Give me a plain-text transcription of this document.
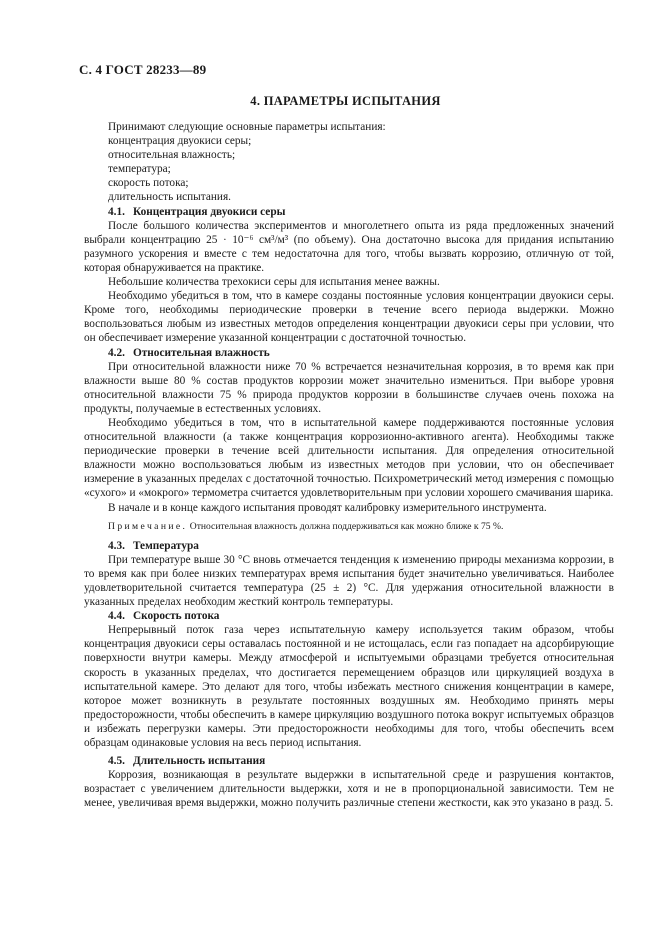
С. 4 ГОСТ 28233—89
4. ПАРАМЕТРЫ ИСПЫТАНИЯ

Принимают следующие основные параметры испытания:

концентрация двуокиси серы;

относительная влажность;

температура;

скорость потока;

длительность испытания.

4.1. Концентрация двуокиси серы

После большого количества экспериментов и многолетнего опыта из ряда предложенных значений выбрали концентрацию 25 · 10⁻⁶ см³/м³ (по объему). Она достаточно высока для придания испытанию разумного ускорения и вместе с тем недостаточна для того, чтобы вызвать коррозию, отличную от той, которая обнаруживается на практике.

Небольшие количества трехокиси серы для испытания менее важны.

Необходимо убедиться в том, что в камере созданы постоянные условия концентрации двуокиси серы. Кроме того, необходимы периодические проверки в течение всего периода выдержки. Можно воспользоваться любым из известных методов определения концентрации двуокиси серы при условии, что он обеспечивает измерение указанной концентрации с достаточной точностью.

4.2. Относительная влажность

При относительной влажности ниже 70 % встречается незначительная коррозия, в то время как при влажности выше 80 % состав продуктов коррозии может значительно измениться. При выборе уровня относительной влажности 75 % природа продуктов коррозии в большинстве случаев очень похожа на продукты, получаемые в естественных условиях.

Необходимо убедиться в том, что в испытательной камере поддерживаются постоянные условия относительной влажности (а также концентрация коррозионно-активного агента). Необходимы также периодические проверки в течение всей длительности испытания. Для определения относительной влажности можно воспользоваться любым из известных методов при условии, что он обеспечивает измерение в указанных пределах с достаточной точностью. Психрометрический метод измерения с помощью «сухого» и «мокрого» термометра считается удовлетворительным при условии хорошего смачивания шарика.

В начале и в конце каждого испытания проводят калибровку измерительного инструмента.

Примечание. Относительная влажность должна поддерживаться как можно ближе к 75 %.

4.3. Температура

При температуре выше 30 °С вновь отмечается тенденция к изменению природы механизма коррозии, в то время как при более низких температурах время испытания будет значительно увеличиваться. Наиболее удовлетворительной считается температура (25 ± 2) °С. Для удержания относительной влажности в указанных пределах необходим жесткий контроль температуры.

4.4. Скорость потока

Непрерывный поток газа через испытательную камеру используется таким образом, чтобы концентрация двуокиси серы оставалась постоянной и не истощалась, если газ попадает на адсорбирующие поверхности внутри камеры. Между атмосферой и испытуемыми образцами требуется относительная скорость в указанных пределах, что достигается перемещением образцов или циркуляцией воздуха в испытательной камере. Это делают для того, чтобы избежать местного снижения концентрации в камере, которое может возникнуть в результате постоянных воздушных ям. Необходимо принять меры предосторожности, чтобы обеспечить в камере циркуляцию воздушного потока вокруг испытуемых образцов и избежать перегрузки камеры. Эти предосторожности необходимы для того, чтобы обеспечить всем образцам одинаковые условия на весь период испытания.

4.5. Длительность испытания

Коррозия, возникающая в результате выдержки в испытательной среде и разрушения контактов, возрастает с увеличением длительности выдержки, хотя и не в пропорциональной зависимости. Тем не менее, увеличивая время выдержки, можно получить различные степени жесткости, как это указано в разд. 5.
